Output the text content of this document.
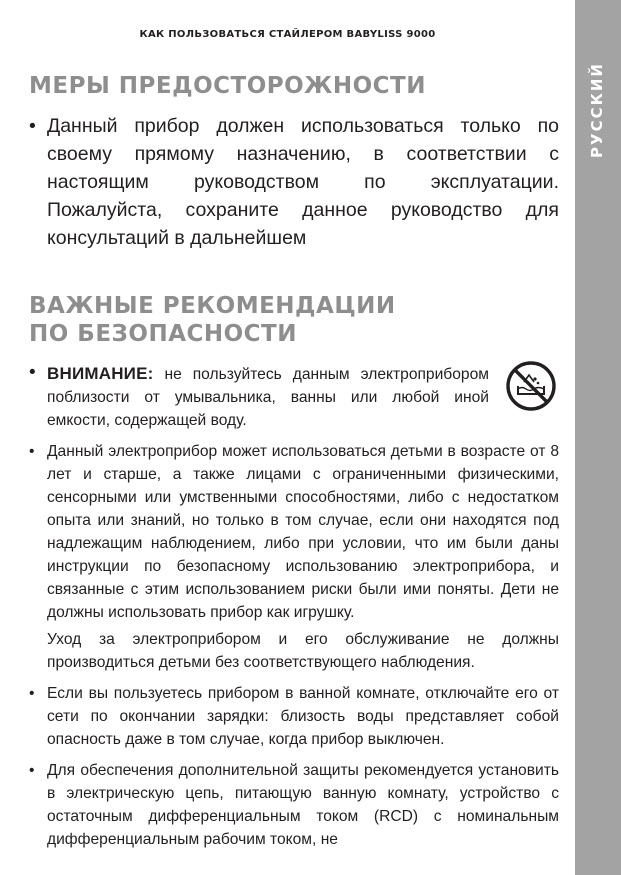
РУССКИЙ
КАК ПОЛЬЗОВАТЬСЯ СТАЙЛЕРОМ BABYLISS 9000
МЕРЫ ПРЕДОСТОРОЖНОСТИ
• Данный прибор должен использоваться только по своему прямому назначению, в соответствии с настоящим руководством по эксплуатации. Пожалуйста, сохраните данное руководство для консультаций в дальнейшем
ВАЖНЫЕ РЕКОМЕНДАЦИИ
ПО БЕЗОПАСНОСТИ
• ВНИМАНИЕ: не пользуйтесь данным электроприбором поблизости от умывальника, ванны или любой иной емкости, содержащей воду.
• Данный электроприбор может использоваться детьми в возрасте от 8 лет и старше, а также лицами с ограниченными физическими, сенсорными или умственными способностями, либо с недостатком опыта или знаний, но только в том случае, если они находятся под надлежащим наблюдением, либо при условии, что им были даны инструкции по безопасному использованию электроприбора, и связанные с этим использованием риски были ими поняты. Дети не должны использовать прибор как игрушку.
Уход за электроприбором и его обслуживание не должны производиться детьми без соответствующего наблюдения.
• Если вы пользуетесь прибором в ванной комнате, отключайте его от сети по окончании зарядки: близость воды представляет собой опасность даже в том случае, когда прибор выключен.
• Для обеспечения дополнительной защиты рекомендуется установить в электрическую цепь, питающую ванную комнату, устройство с остаточным дифференциальным током (RCD) с номинальным дифференциальным рабочим током, не
